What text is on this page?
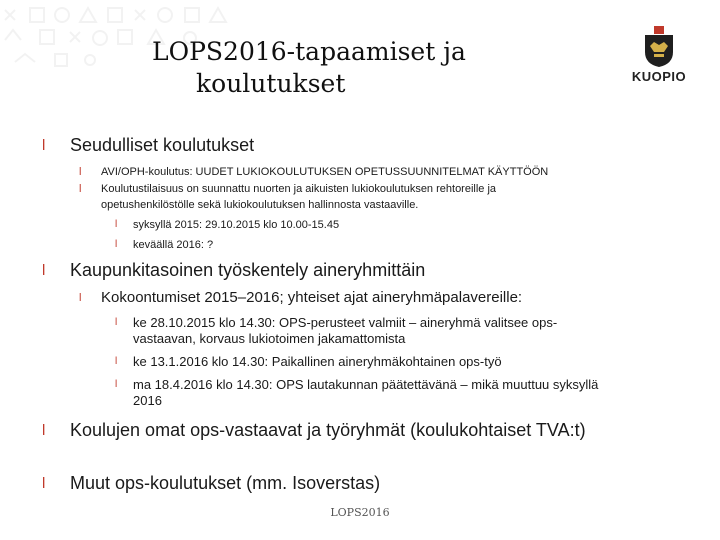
LOPS2016-tapaamiset ja
koulutukset	KUOPIO
l Seudulliset koulutukset
l AVI/OPH-koulutus: UUDET LUKIOKOULUTUKSEN OPETUSSUUNNITELMAT KÄYTTÖÖN
l Koulutustilaisuus on suunnattu nuorten ja aikuisten lukiokoulutuksen rehtoreille ja opetushenkilöstölle sekä lukiokoulutuksen hallinnosta vastaaville.
l syksyllä 2015: 29.10.2015 klo 10.00-15.45
l keväällä 2016: ?
l Kaupunkitasoinen työskentely aineryhmittäin
l Kokoontumiset 2015–2016; yhteiset ajat aineryhmäpalavereille:
l ke 28.10.2015 klo 14.30: OPS-perusteet valmiit – aineryhmä valitsee ops-vastaavan, korvaus lukiotoimen jakamattomista
l ke 13.1.2016 klo 14.30: Paikallinen aineryhmäkohtainen ops-työ
l ma 18.4.2016 klo 14.30: OPS lautakunnan päätettävänä – mikä muuttuu syksyllä 2016
l Koulujen omat ops-vastaavat ja työryhmät (koulukohtaiset TVA:t)
l Muut ops-koulutukset (mm. Isoverstas)
LOPS2016
